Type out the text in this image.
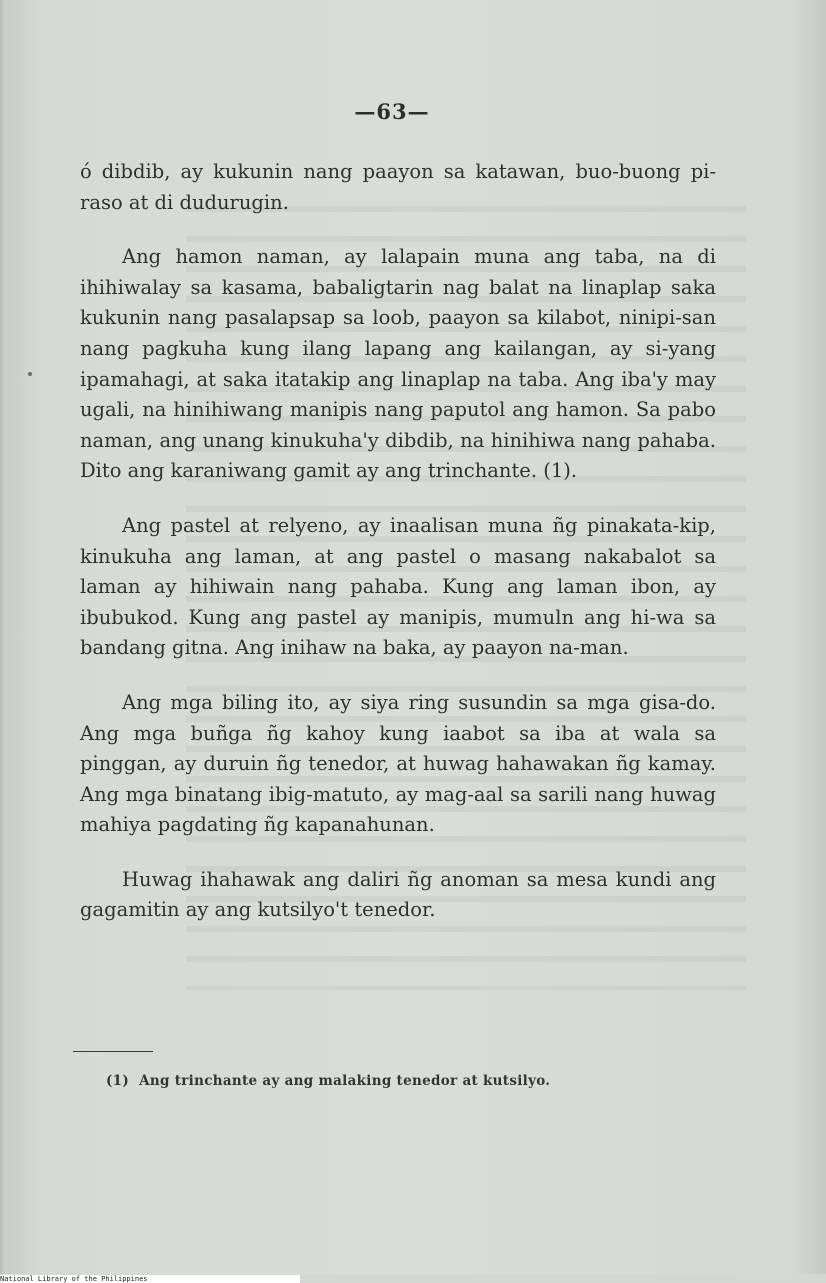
—63—

ó dibdib, ay kukunin nang paayon sa katawan, buo-buong pi-raso at di dudurugin.

Ang hamon naman, ay lalapain muna ang taba, na di ihihiwalay sa kasama, babaligtarin nag balat na linaplap saka kukunin nang pasalapsap sa loob, paayon sa kilabot, ninipi-san nang pagkuha kung ilang lapang ang kailangan, ay si-yang ipamahagi, at saka itatakip ang linaplap na taba. Ang iba'y may ugali, na hinihiwang manipis nang paputol ang hamon. Sa pabo naman, ang unang kinukuha'y dibdib, na hinihiwa nang pahaba. Dito ang karaniwang gamit ay ang trinchante. (1).

Ang pastel at relyeno, ay inaalisan muna ñg pinakata-kip, kinukuha ang laman, at ang pastel o masang nakabalot sa laman ay hihiwain nang pahaba. Kung ang laman ibon, ay ibubukod. Kung ang pastel ay manipis, mumuln ang hi-wa sa bandang gitna. Ang inihaw na baka, ay paayon na-man.

Ang mga biling ito, ay siya ring susundin sa mga gisa-do. Ang mga buñga ñg kahoy kung iaabot sa iba at wala sa pinggan, ay duruin ñg tenedor, at huwag hahawakan ñg kamay. Ang mga binatang ibig-matuto, ay mag-aal sa sarili nang huwag mahiya pagdating ñg kapanahunan.

Huwag ihahawak ang daliri ñg anoman sa mesa kundi ang gagamitin ay ang kutsilyo't tenedor.

(1) Ang trinchante ay ang malaking tenedor at kutsilyo.
National Library of the Philippines
